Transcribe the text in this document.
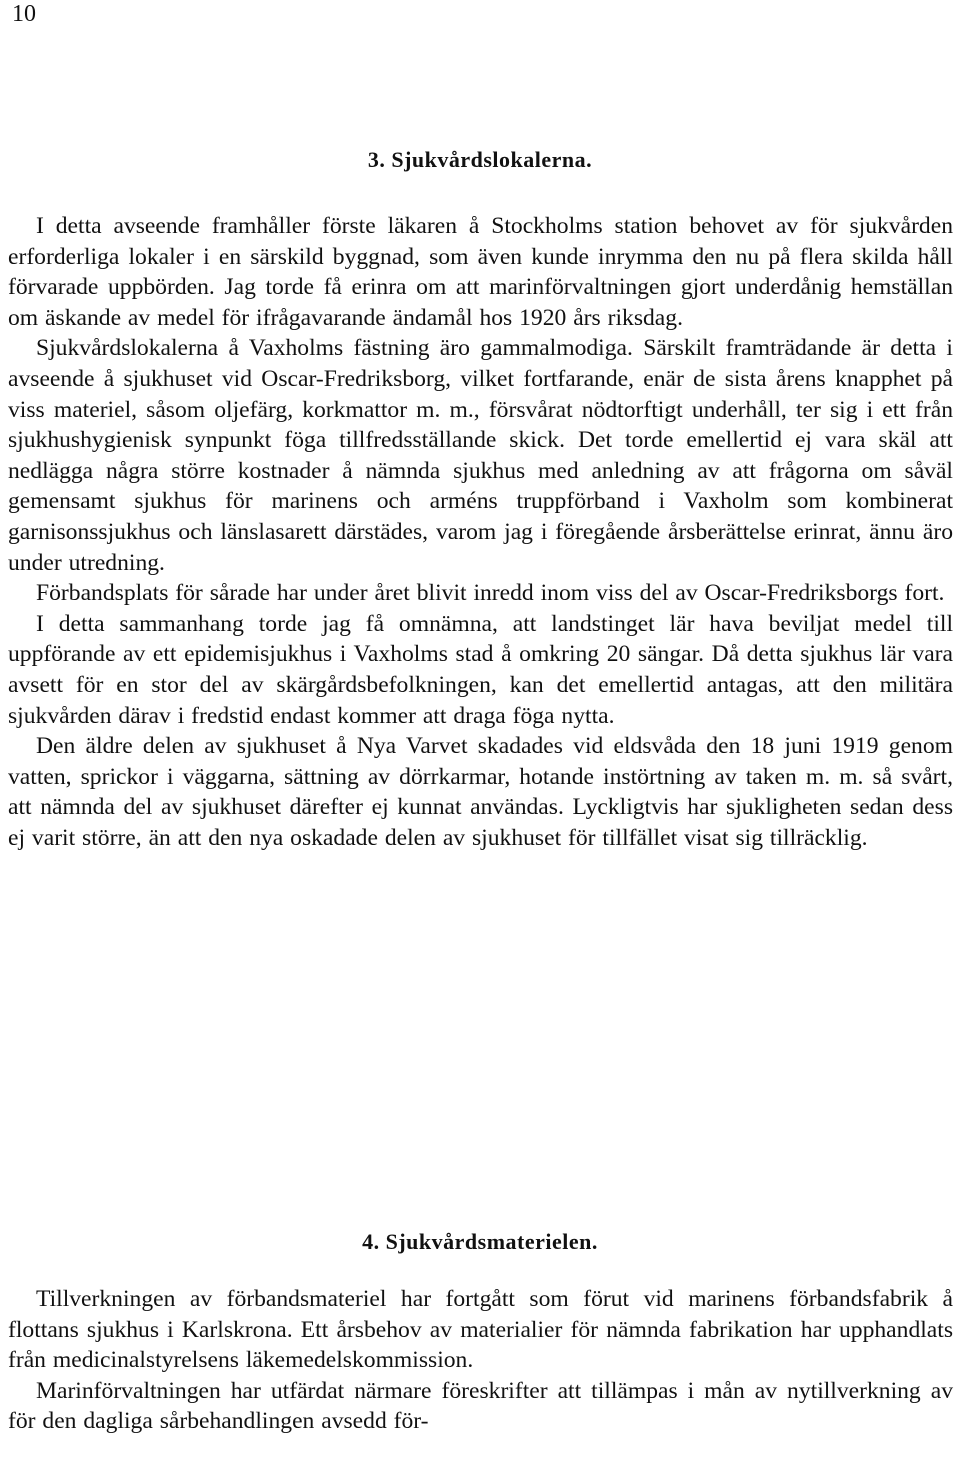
10
3. Sjukvårdslokalerna.

I detta avseende framhåller förste läkaren å Stockholms station behovet av för sjukvården erforderliga lokaler i en särskild byggnad, som även kunde inrymma den nu på flera skilda håll förvarade uppbörden. Jag torde få erinra om att marinförvaltningen gjort underdånig hemställan om äskande av medel för ifrågavarande ändamål hos 1920 års riksdag.

Sjukvårdslokalerna å Vaxholms fästning äro gammalmodiga. Särskilt framträdande är detta i avseende å sjukhuset vid Oscar-Fredriksborg, vilket fortfarande, enär de sista årens knapphet på viss materiel, såsom oljefärg, korkmattor m. m., försvårat nödtorftigt underhåll, ter sig i ett från sjukhushygienisk synpunkt föga tillfredsställande skick. Det torde emellertid ej vara skäl att nedlägga några större kostnader å nämnda sjukhus med anledning av att frågorna om såväl gemensamt sjukhus för marinens och arméns truppförband i Vaxholm som kombinerat garnisonssjukhus och länslasarett därstädes, varom jag i föregående årsberättelse erinrat, ännu äro under utredning.

Förbandsplats för sårade har under året blivit inredd inom viss del av Oscar-Fredriksborgs fort.

I detta sammanhang torde jag få omnämna, att landstinget lär hava beviljat medel till uppförande av ett epidemisjukhus i Vaxholms stad å omkring 20 sängar. Då detta sjukhus lär vara avsett för en stor del av skärgårdsbefolkningen, kan det emellertid antagas, att den militära sjukvården därav i fredstid endast kommer att draga föga nytta.

Den äldre delen av sjukhuset å Nya Varvet skadades vid eldsvåda den 18 juni 1919 genom vatten, sprickor i väggarna, sättning av dörrkarmar, hotande instörtning av taken m. m. så svårt, att nämnda del av sjukhuset därefter ej kunnat användas. Lyckligtvis har sjukligheten sedan dess ej varit större, än att den nya oskadade delen av sjukhuset för tillfället visat sig tillräcklig.

4. Sjukvårdsmaterielen.

Tillverkningen av förbandsmateriel har fortgått som förut vid marinens förbandsfabrik å flottans sjukhus i Karlskrona. Ett årsbehov av materialier för nämnda fabrikation har upphandlats från medicinalstyrelsens läkemedelskommission.

Marinförvaltningen har utfärdat närmare föreskrifter att tillämpas i mån av nytillverkning av för den dagliga sårbehandlingen avsedd för-
